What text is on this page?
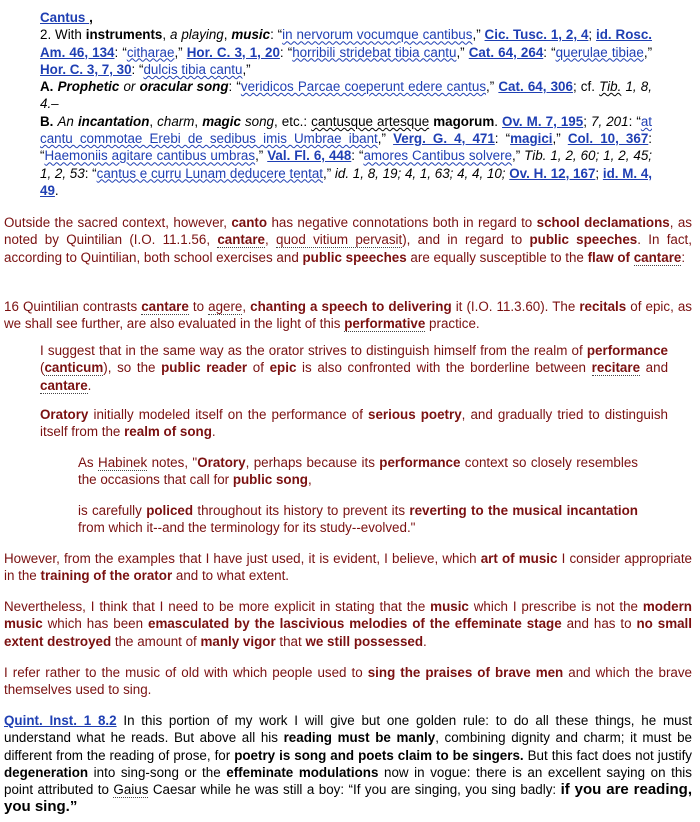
Cantus ,
2. With instruments, a playing, music: “in nervorum vocumque cantibus,” Cic. Tusc. 1, 2, 4; id. Rosc. Am. 46, 134: “citharae,” Hor. C. 3, 1, 20: “horribili stridebat tibia cantu,” Cat. 64, 264: “querulae tibiae,” Hor. C. 3, 7, 30: “dulcis tibia cantu,”
A. Prophetic or oracular song: “veridicos Parcae coeperunt edere cantus,” Cat. 64, 306; cf. Tib. 1, 8, 4.–
B. An incantation, charm, magic song, etc.: cantusque artesque magorum. Ov. M. 7, 195; 7, 201: “at cantu commotae Erebi de sedibus imis Umbrae ibant,” Verg. G. 4, 471: “magici,” Col. 10, 367: “Haemoniis agitare cantibus umbras,” Val. Fl. 6, 448: “amores Cantibus solvere,” Tib. 1, 2, 60; 1, 2, 45; 1, 2, 53: “cantus e curru Lunam deducere tentat,” id. 1, 8, 19; 4, 1, 63; 4, 4, 10; Ov. H. 12, 167; id. M. 4, 49.

Outside the sacred context, however, canto has negative connotations both in regard to school declamations, as noted by Quintilian (I.O. 11.1.56, cantare, quod vitium pervasit), and in regard to public speeches. In fact, according to Quintilian, both school exercises and public speeches are equally susceptible to the flaw of cantare:

16 Quintilian contrasts cantare to agere, chanting a speech to delivering it (I.O. 11.3.60). The recitals of epic, as we shall see further, are also evaluated in the light of this performative practice.

I suggest that in the same way as the orator strives to distinguish himself from the realm of performance (canticum), so the public reader of epic is also confronted with the borderline between recitare and cantare.

Oratory initially modeled itself on the performance of serious poetry, and gradually tried to distinguish itself from the realm of song.

As Habinek notes, "Oratory, perhaps because its performance context so closely resembles the occasions that call for public song,

is carefully policed throughout its history to prevent its reverting to the musical incantation from which it--and the terminology for its study--evolved."

However, from the examples that I have just used, it is evident, I believe, which art of music I consider appropriate in the training of the orator and to what extent.

Nevertheless, I think that I need to be more explicit in stating that the music which I prescribe is not the modern music which has been emasculated by the lascivious melodies of the effeminate stage and has to no small extent destroyed the amount of manly vigor that we still possessed.

I refer rather to the music of old with which people used to sing the praises of brave men and which the brave themselves used to sing.

Quint. Inst. 1 8.2 In this portion of my work I will give but one golden rule: to do all these things, he must understand what he reads. But above all his reading must be manly, combining dignity and charm; it must be different from the reading of prose, for poetry is song and poets claim to be singers. But this fact does not justify degeneration into sing-song or the effeminate modulations now in vogue: there is an excellent saying on this point attributed to Gaius Caesar while he was still a boy: “If you are singing, you sing badly: if you are reading, you sing.”
